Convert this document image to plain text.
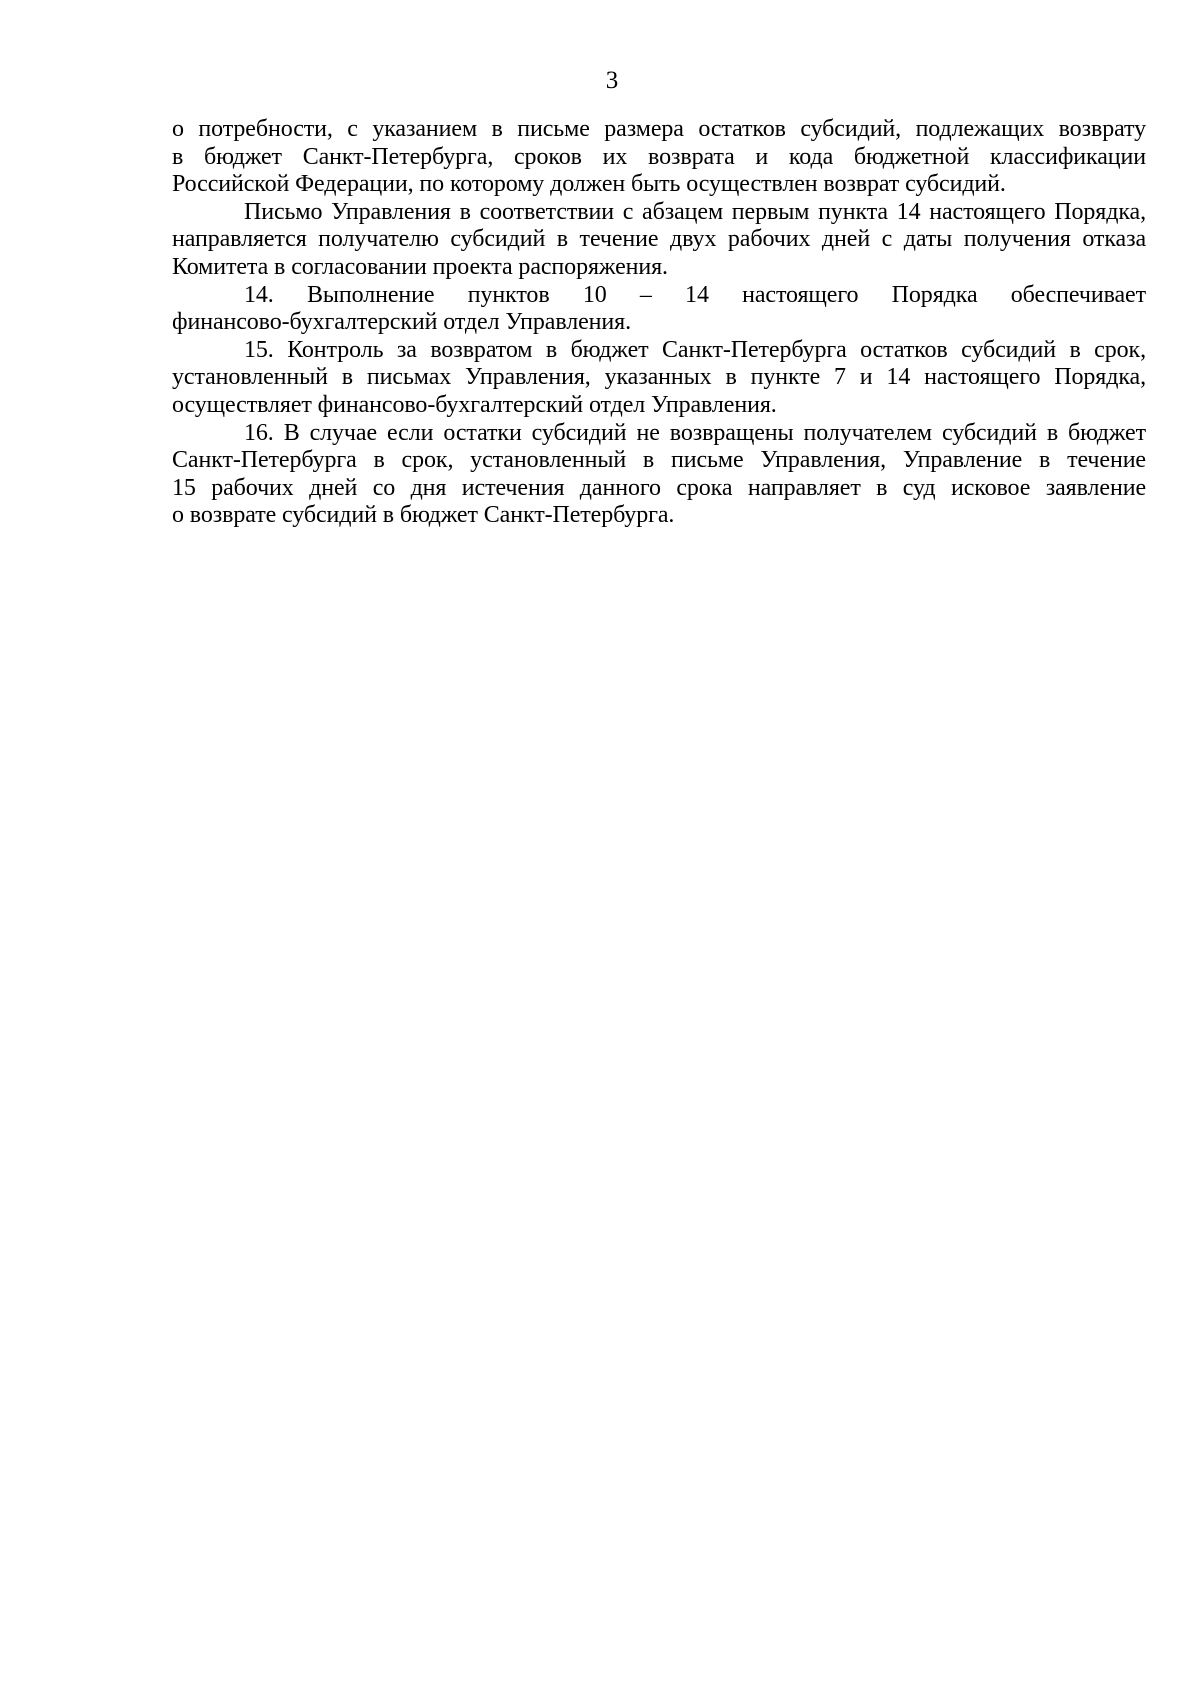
3
о потребности, с указанием в письме размера остатков субсидий, подлежащих возврату
в бюджет Санкт-Петербурга, сроков их возврата и кода бюджетной классификации
Российской Федерации, по которому должен быть осуществлен возврат субсидий.
Письмо Управления в соответствии с абзацем первым пункта 14 настоящего Порядка,
направляется получателю субсидий в течение двух рабочих дней с даты получения отказа
Комитета в согласовании проекта распоряжения.
14. Выполнение пунктов 10 – 14 настоящего Порядка обеспечивает
финансово-бухгалтерский отдел Управления.
15. Контроль за возвратом в бюджет Санкт-Петербурга остатков субсидий в срок,
установленный в письмах Управления, указанных в пункте 7 и 14 настоящего Порядка,
осуществляет финансово-бухгалтерский отдел Управления.
16. В случае если остатки субсидий не возвращены получателем субсидий в бюджет
Санкт-Петербурга в срок, установленный в письме Управления, Управление в течение
15 рабочих дней со дня истечения данного срока направляет в суд исковое заявление
о возврате субсидий в бюджет Санкт-Петербурга.
